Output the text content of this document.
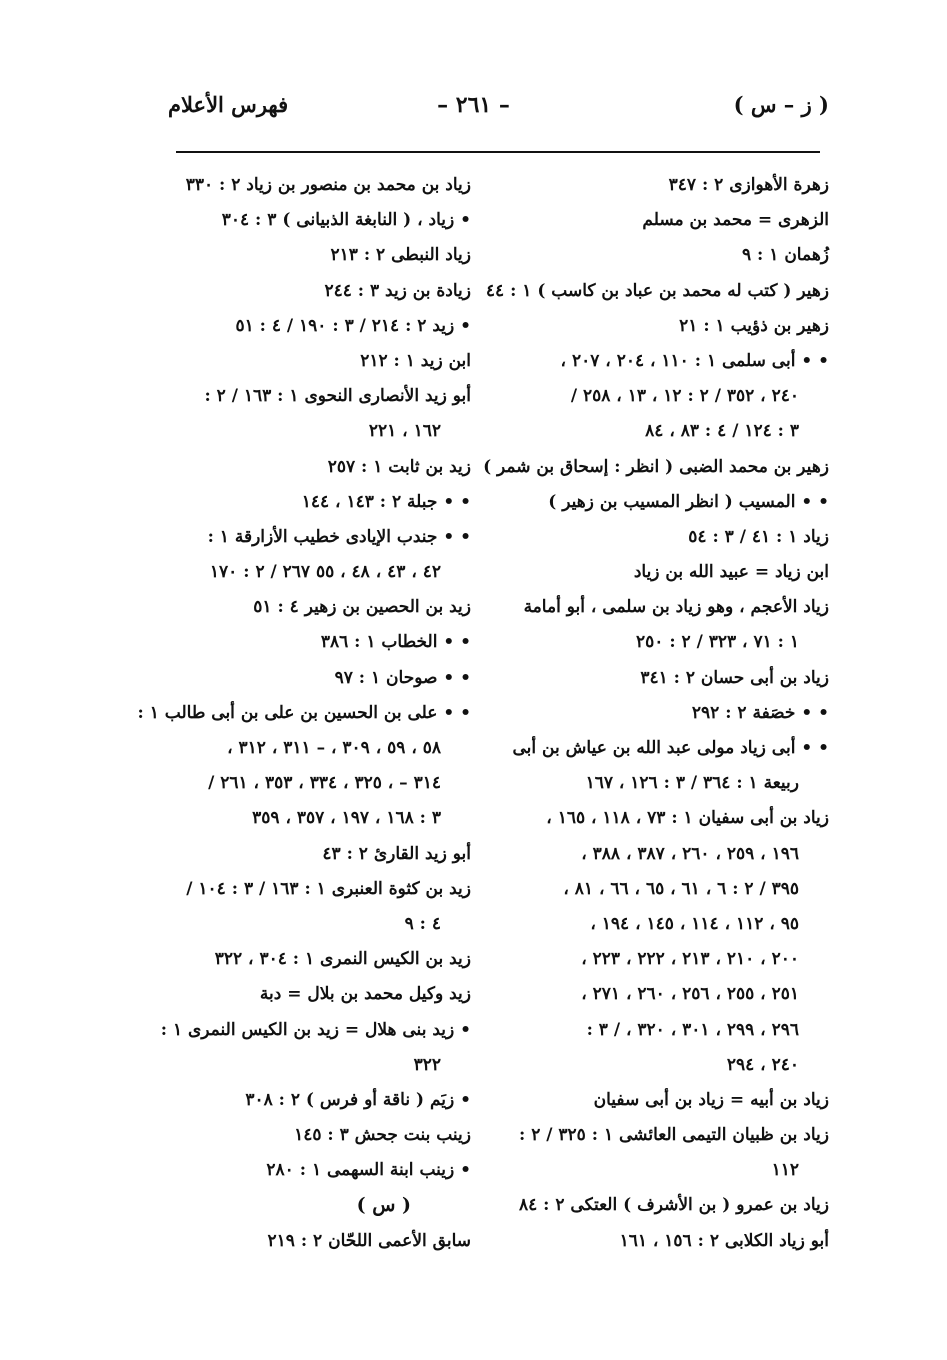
( ز – س )
– ٢٦١ –
فهرس الأعلام
زهرة الأهوازى ٢ : ٣٤٧
الزهرى = محمد بن مسلم
زُهمان ١ : ٩
زهير ( كتب له محمد بن عباد بن كاسب ) ١ : ٤٤
زهير بن ذؤيب ١ : ٢١
• • أبى سلمى ١ : ١١٠ ، ٢٠٤ ، ٢٠٧ ،
٢٤٠ ، ٣٥٢ / ٢ : ١٢ ، ١٣ ، ٢٥٨ /
٣ : ١٢٤ / ٤ : ٨٣ ، ٨٤
زهير بن محمد الضبى ( انظر : إسحاق بن شمر )
• • المسيب ( انظر المسيب بن زهير )
زياد ١ : ٤١ / ٣ : ٥٤
ابن زياد = عبيد الله بن زياد
زياد الأعجم ، وهو زياد بن سلمى ، أبو أمامة
١ : ٧١ ، ٣٢٣ / ٢ : ٢٥٠
زياد بن أبى حسان ٢ : ٣٤١
• • خصَفة ٢ : ٢٩٢
• • أبى زياد مولى عبد الله بن عياش بن أبى
ربيعة ١ : ٣٦٤ / ٣ : ١٢٦ ، ١٦٧
زياد بن أبى سفيان ١ : ٧٣ ، ١١٨ ، ١٦٥ ،
١٩٦ ، ٢٥٩ ، ٢٦٠ ، ٣٨٧ ، ٣٨٨ ،
٣٩٥ / ٢ : ٦ ، ٦١ ، ٦٥ ، ٦٦ ، ٨١ ،
٩٥ ، ١١٢ ، ١١٤ ، ١٤٥ ، ١٩٤ ،
٢٠٠ ، ٢١٠ ، ٢١٣ ، ٢٢٢ ، ٢٢٣ ،
٢٥١ ، ٢٥٥ ، ٢٥٦ ، ٢٦٠ ، ٢٧١ ،
٢٩٦ ، ٢٩٩ ، ٣٠١ ، ٣٢٠ ، / ٣ :
٢٤٠ ، ٢٩٤
زياد بن أبيه = زياد بن أبى سفيان
زياد بن ظبيان التيمى العائشى ١ : ٣٢٥ / ٢ :
١١٢
زياد بن عمرو ( بن الأشرف ) العتكى ٢ : ٨٤
أبو زياد الكلابى ٢ : ١٥٦ ، ١٦١
زياد بن محمد بن منصور بن زياد ٢ : ٣٣٠
• زياد ، ( النابغة الذبيانى ) ٣ : ٣٠٤
زياد النبطى ٢ : ٢١٣
زيادة بن زيد ٣ : ٢٤٤
• زيد ٢ : ٢١٤ / ٣ : ١٩٠ / ٤ : ٥١
ابن زيد ١ : ٢١٢
أبو زيد الأنصارى النحوى ١ : ١٦٣ / ٢ :
١٦٢ ، ٢٢١
زيد بن ثابت ١ : ٢٥٧
• • جبلة ٢ : ١٤٣ ، ١٤٤
• • جندب الإيادى خطيب الأزارقة ١ :
٤٢ ، ٤٣ ، ٤٨ ، ٥٥ ٢٦٧ / ٢ : ١٧٠
زيد بن الحصين بن زهير ٤ : ٥١
• • الخطاب ١ : ٣٨٦
• • صوحان ١ : ٩٧
• • على بن الحسين بن على بن أبى طالب ١ :
٥٨ ، ٥٩ ، ٣٠٩ ، – ٣١١ ، ٣١٢ ،
٣١٤ – ، ٣٢٥ ، ٣٣٤ ، ٣٥٣ ، ٢٦١ /
٣ : ١٦٨ ، ١٩٧ ، ٣٥٧ ، ٣٥٩
أبو زيد القارئ ٢ : ٤٣
زيد بن كثوة العنبرى ١ : ١٦٣ / ٣ : ١٠٤ /
٤ : ٩
زيد بن الكيس النمرى ١ : ٣٠٤ ، ٣٢٢
زيد وكيل محمد بن بلال = دبة
• زيد بنى هلال = زيد بن الكيس النمرى ١ :
٣٢٢
• زيَم ( ناقة أو فرس ) ٢ : ٣٠٨
زينب بنت جحش ٣ : ١٤٥
• زينب ابنة السهمى ١ : ٢٨٠
( س )
سابق الأعمى اللحّان ٢ : ٢١٩
